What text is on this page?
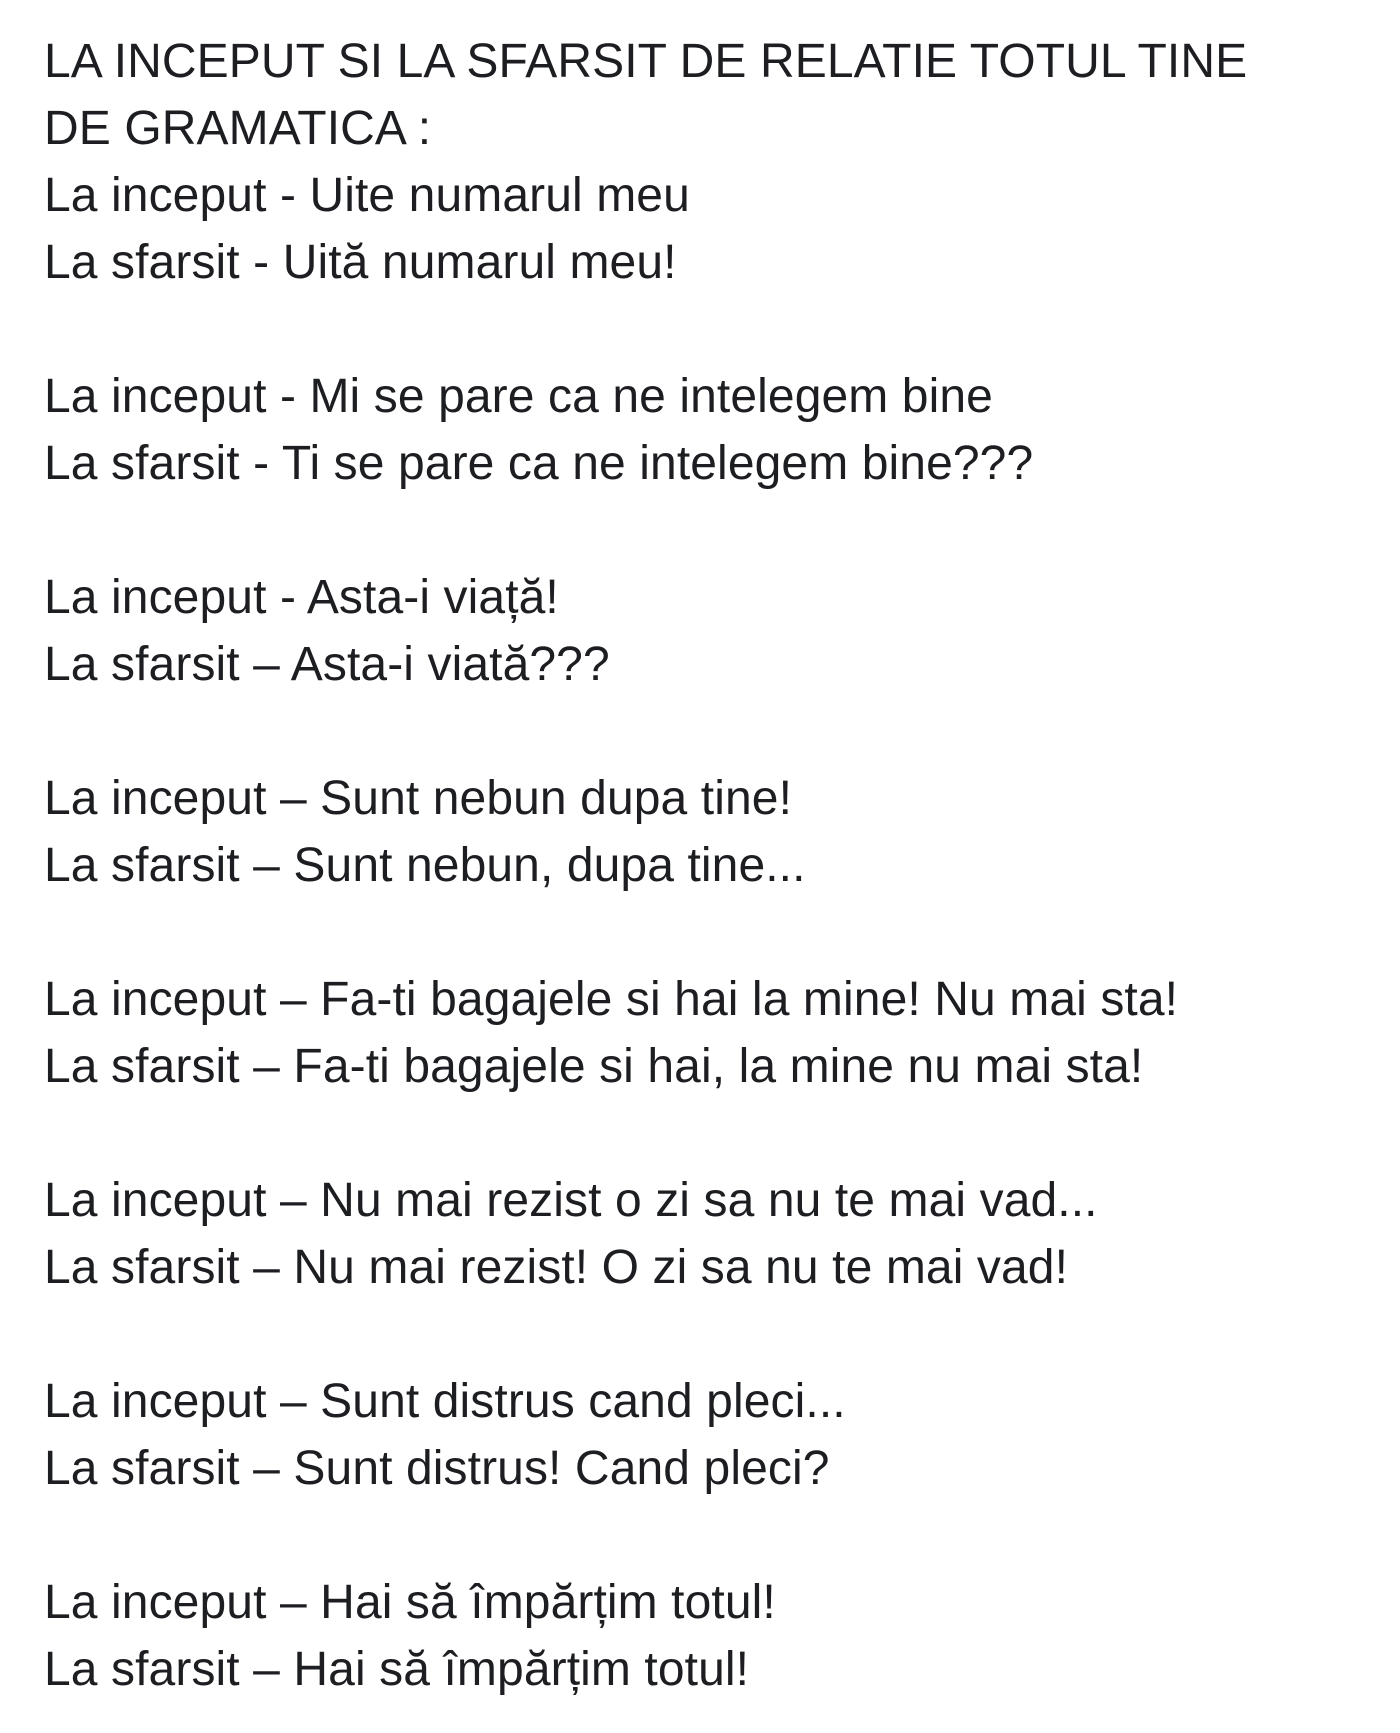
LA INCEPUT SI LA SFARSIT DE RELATIE TOTUL TINE
DE GRAMATICA :
La inceput - Uite numarul meu
La sfarsit - Uită numarul meu!
La inceput - Mi se pare ca ne intelegem bine
La sfarsit - Ti se pare ca ne intelegem bine???
La inceput - Asta-i viață!
La sfarsit – Asta-i viată???
La inceput – Sunt nebun dupa tine!
La sfarsit – Sunt nebun, dupa tine...
La inceput – Fa-ti bagajele si hai la mine! Nu mai sta!
La sfarsit – Fa-ti bagajele si hai, la mine nu mai sta!
La inceput – Nu mai rezist o zi sa nu te mai vad...
La sfarsit – Nu mai rezist! O zi sa nu te mai vad!
La inceput – Sunt distrus cand pleci...
La sfarsit – Sunt distrus! Cand pleci?
La inceput – Hai să împărțim totul!
La sfarsit – Hai să împărțim totul!
